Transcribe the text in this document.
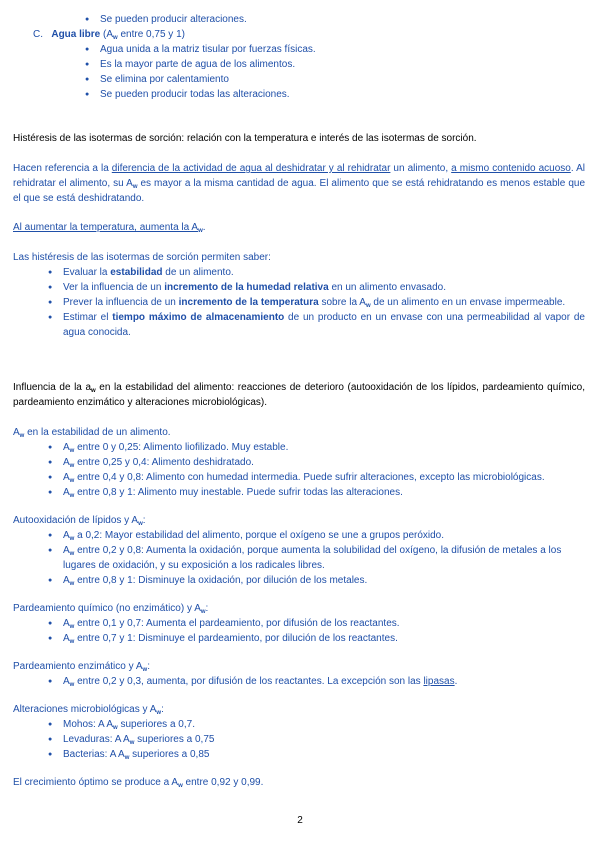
● Se pueden producir alteraciones.
C. Agua libre ($A_w$ entre 0,75 y 1)
● Agua unida a la matriz tisular por fuerzas físicas.
● Es la mayor parte de agua de los alimentos.
● Se elimina por calentamiento
● Se pueden producir todas las alteraciones.
Histéresis de las isotermas de sorción: relación con la temperatura e interés de las isotermas de sorción.
Hacen referencia a la diferencia de la actividad de agua al deshidratar y al rehidratar un alimento, a mismo contenido acuoso. Al rehidratar el alimento, su $A_w$ es mayor a la misma cantidad de agua. El alimento que se está rehidratando es menos estable que el que se está deshidratando.
Al aumentar la temperatura, aumenta la $A_w$.
Las histéresis de las isotermas de sorción permiten saber:
● Evaluar la estabilidad de un alimento.
● Ver la influencia de un incremento de la humedad relativa en un alimento envasado.
● Prever la influencia de un incremento de la temperatura sobre la $A_w$ de un alimento en un envase impermeable.
● Estimar el tiempo máximo de almacenamiento de un producto en un envase con una permeabilidad al vapor de agua conocida.
Influencia de la $a_w$ en la estabilidad del alimento: reacciones de deterioro (autooxidación de los lípidos, pardeamiento químico, pardeamiento enzimático y alteraciones microbiológicas).
$A_w$ en la estabilidad de un alimento.
● $A_w$ entre 0 y 0,25: Alimento liofilizado. Muy estable.
● $A_w$ entre 0,25 y 0,4: Alimento deshidratado.
● $A_w$ entre 0,4 y 0,8: Alimento con humedad intermedia. Puede sufrir alteraciones, excepto las microbiológicas.
● $A_w$ entre 0,8 y 1: Alimento muy inestable. Puede sufrir todas las alteraciones.
Autooxidación de lípidos y $A_w$:
● $A_w$ a 0,2: Mayor estabilidad del alimento, porque el oxígeno se une a grupos peróxido.
● $A_w$ entre 0,2 y 0,8: Aumenta la oxidación, porque aumenta la solubilidad del oxígeno, la difusión de metales a los lugares de oxidación, y su exposición a los radicales libres.
● $A_w$ entre 0,8 y 1: Disminuye la oxidación, por dilución de los metales.
Pardeamiento químico (no enzimático) y $A_w$:
● $A_w$ entre 0,1 y 0,7: Aumenta el pardeamiento, por difusión de los reactantes.
● $A_w$ entre 0,7 y 1: Disminuye el pardeamiento, por dilución de los reactantes.
Pardeamiento enzimático y $A_w$:
● $A_w$ entre 0,2 y 0,3, aumenta, por difusión de los reactantes. La excepción son las lipasas.
Alteraciones microbiológicas y $A_w$:
● Mohos: A $A_w$ superiores a 0,7.
● Levaduras: A $A_w$ superiores a 0,75
● Bacterias: A $A_w$ superiores a 0,85
El crecimiento óptimo se produce a $A_w$ entre 0,92 y 0,99.
2
